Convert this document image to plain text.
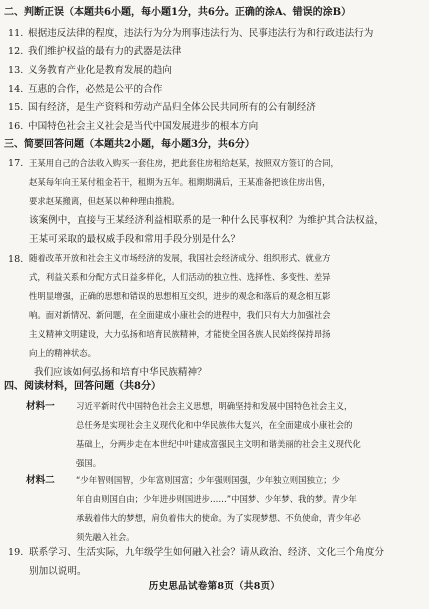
二、判断正误（本题共6小题，每小题1分，共6分。正确的涂A、错误的涂B）
11. 根据违反法律的程度，违法行为分为刑事违法行为、民事违法行为和行政违法行为
12. 我们维护权益的最有力的武器是法律
13. 义务教育产业化是教育发展的趋向
14. 互惠的合作，必然是公平的合作
15. 国有经济，是生产资料和劳动产品归全体公民共同所有的公有制经济
16. 中国特色社会主义社会是当代中国发展进步的根本方向
三、简要回答问题（本题共2小题，每小题3分，共6分）
17. 王某用自己的合法收入购买一套住房，把此套住房租给赵某，按照双方签订的合同，
赵某每年向王某付租金若干，租期为五年。租期期满后，王某准备把该住房出售，
要求赵某搬离，但赵某以种种理由推脱。
该案例中，直接与王某经济利益相联系的是一种什么民事权利？为维护其合法权益，
王某可采取的最权威手段和常用手段分别是什么？
18. 随着改革开放和社会主义市场经济的发展，我国社会经济成分、组织形式、就业方
式，利益关系和分配方式日益多样化，人们活动的独立性、选择性、多变性、差异
性明显增强，正确的思想和错误的思想相互交织，进步的观念和落后的观念相互影
响。面对新情况、新问题，在全面建成小康社会的进程中，我们只有大力加强社会
主义精神文明建设，大力弘扬和培育民族精神，才能使全国各族人民始终保持昂扬
向上的精神状态。
我们应该如何弘扬和培育中华民族精神？
四、阅读材料，回答问题（共8分）
材料一	习近平新时代中国特色社会主义思想，明确坚持和发展中国特色社会主义，
总任务是实现社会主义现代化和中华民族伟大复兴，在全面建成小康社会的
基础上，分两步走在本世纪中叶建成富强民主文明和谐美丽的社会主义现代化
强国。
材料二	“少年智则国智，少年富则国富；少年强则国强，少年独立则国独立；少
年自由则国自由；少年进步则国进步……”中国梦、少年梦、我的梦。青少年
承载着伟大的梦想，肩负着伟大的使命。为了实现梦想、不负使命，青少年必
须先融入社会。
19. 联系学习、生活实际，九年级学生如何融入社会？请从政治、经济、文化三个角度分
别加以说明。
历史思品试卷第8页（共8页）
